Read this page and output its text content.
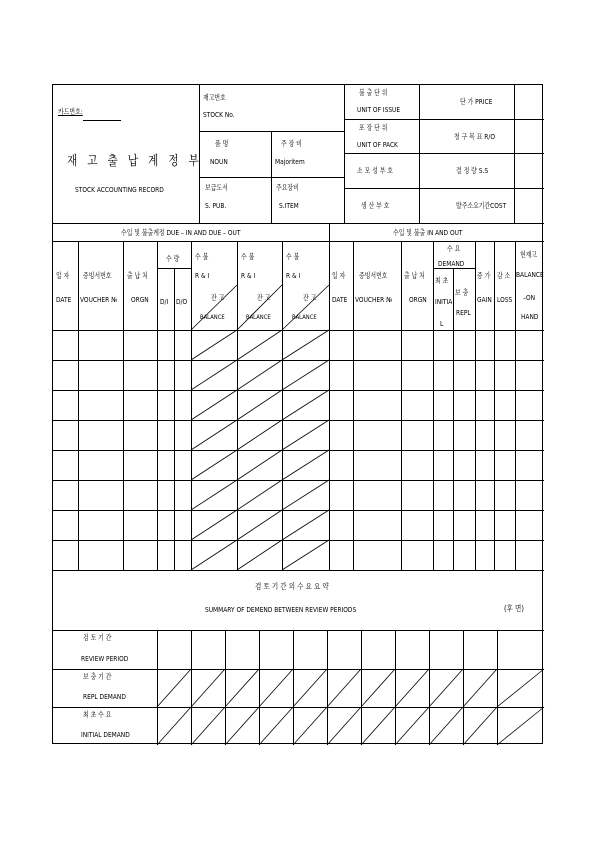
카드번호:
재 고 출 납 계 정 부
STOCK ACCOUNTING RECORD
재고번호
STOCK No.
품 명
NOUN
주 장 비
Majoritem
보급도서
S. PUB.
주요장비
S.ITEM
불 출 단 위
UNIT OF ISSUE
포 장 단 위
UNIT OF PACK
소 모 성 부 호
생 산 부 호
단 가 PRICE
청 구 목 표 R/O
결 정 량 S.S
발주소요기간COST
수입 및 불출계정 DUE – IN AND DUE – OUT	수입 및 불출 IN AND OUT
일 자
DATE
증빙서번호
VOUCHER №
출 납 처
ORGN
수 량
D/I D/O
수 불
R & I
잔 고
BALANCE
수 불
R & I
잔 고
BALANCE
수 불
R & I
잔 고
BALANCE
일 자
DATE
증빙서번호
VOUCHER №
출 납 처
ORGN
수 요
DEMAND
최 초
INITIA
L
보 충
REPL
증 가
GAIN
감 소
LOSS
현재고
BALANCE
–ON
HAND
검 토 기 간 의 수 요 요 약
SUMMARY OF DEMEND BETWEEN REVIEW PERIODS	(후 면)
검 토 기 간
REVIEW PERIOD
보 충 기 간
REPL DEMAND
최 초 수 요
INITIAL DEMAND
